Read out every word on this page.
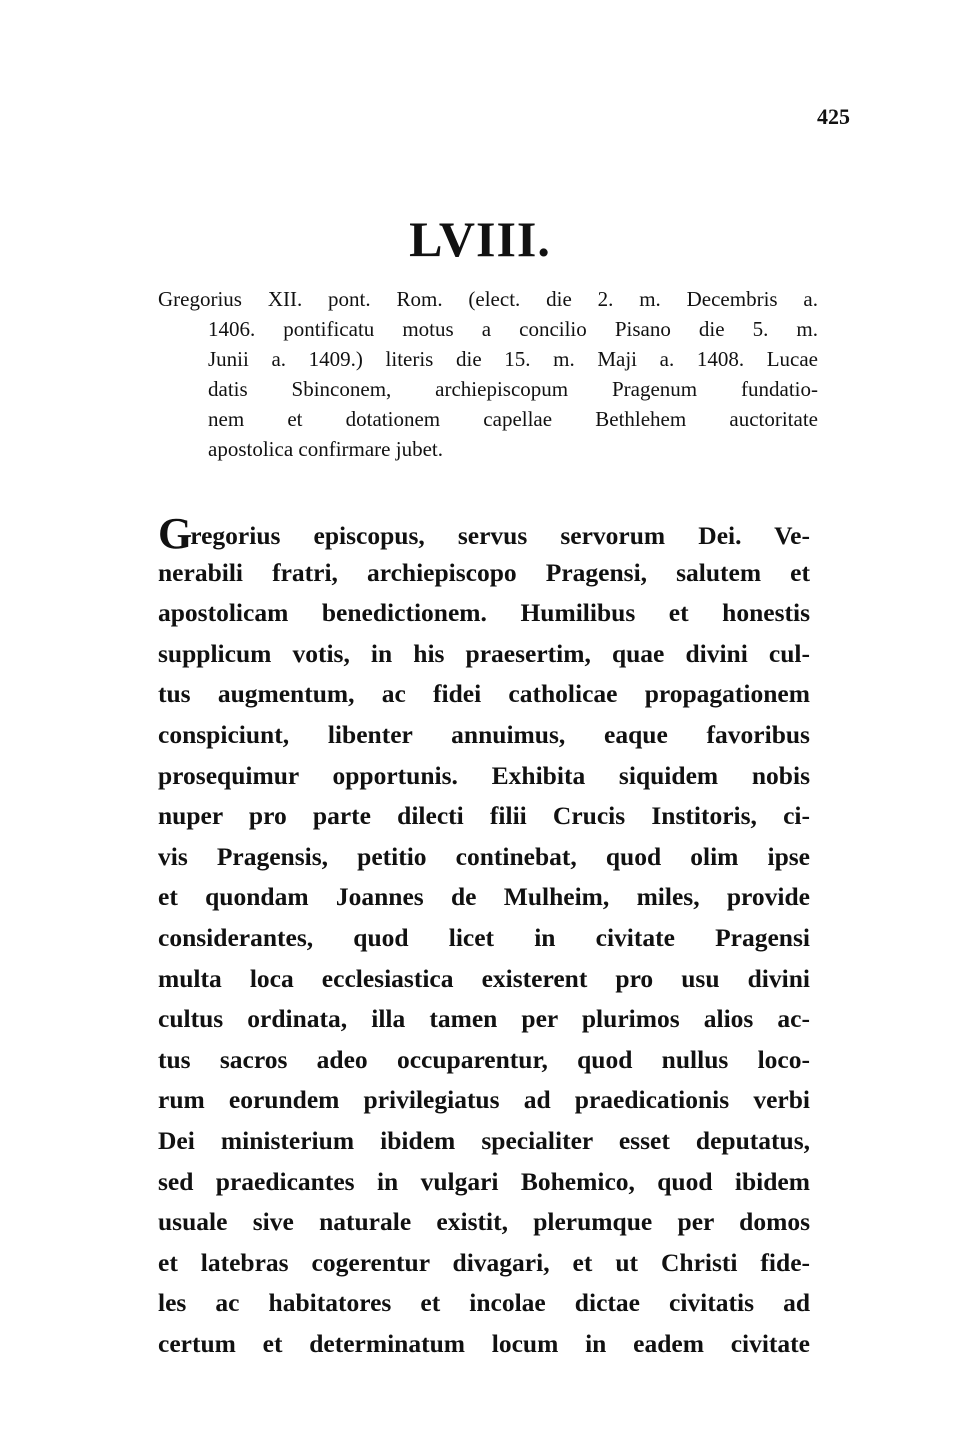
425
LVIII.
Gregorius XII. pont. Rom. (elect. die 2. m. Decembris a.
1406. pontificatu motus a concilio Pisano die 5. m.
Junii a. 1409.) literis die 15. m. Maji a. 1408. Lucae
datis Sbinconem, archiepiscopum Pragenum fundatio-
nem et dotationem capellae Bethlehem auctoritate
apostolica confirmare jubet.
Gregorius episcopus, servus servorum Dei. Ve-
nerabili fratri, archiepiscopo Pragensi, salutem et
apostolicam benedictionem. Humilibus et honestis
supplicum votis, in his praesertim, quae divini cul-
tus augmentum, ac fidei catholicae propagationem
conspiciunt, libenter annuimus, eaque favoribus
prosequimur opportunis. Exhibita siquidem nobis
nuper pro parte dilecti filii Crucis Institoris, ci-
vis Pragensis, petitio continebat, quod olim ipse
et quondam Joannes de Mulheim, miles, provide
considerantes, quod licet in civitate Pragensi
multa loca ecclesiastica existerent pro usu divini
cultus ordinata, illa tamen per plurimos alios ac-
tus sacros adeo occuparentur, quod nullus loco-
rum eorundem privilegiatus ad praedicationis verbi
Dei ministerium ibidem specialiter esset deputatus,
sed praedicantes in vulgari Bohemico, quod ibidem
usuale sive naturale existit, plerumque per domos
et latebras cogerentur divagari, et ut Christi fide-
les ac habitatores et incolae dictae civitatis ad
certum et determinatum locum in eadem civitate
